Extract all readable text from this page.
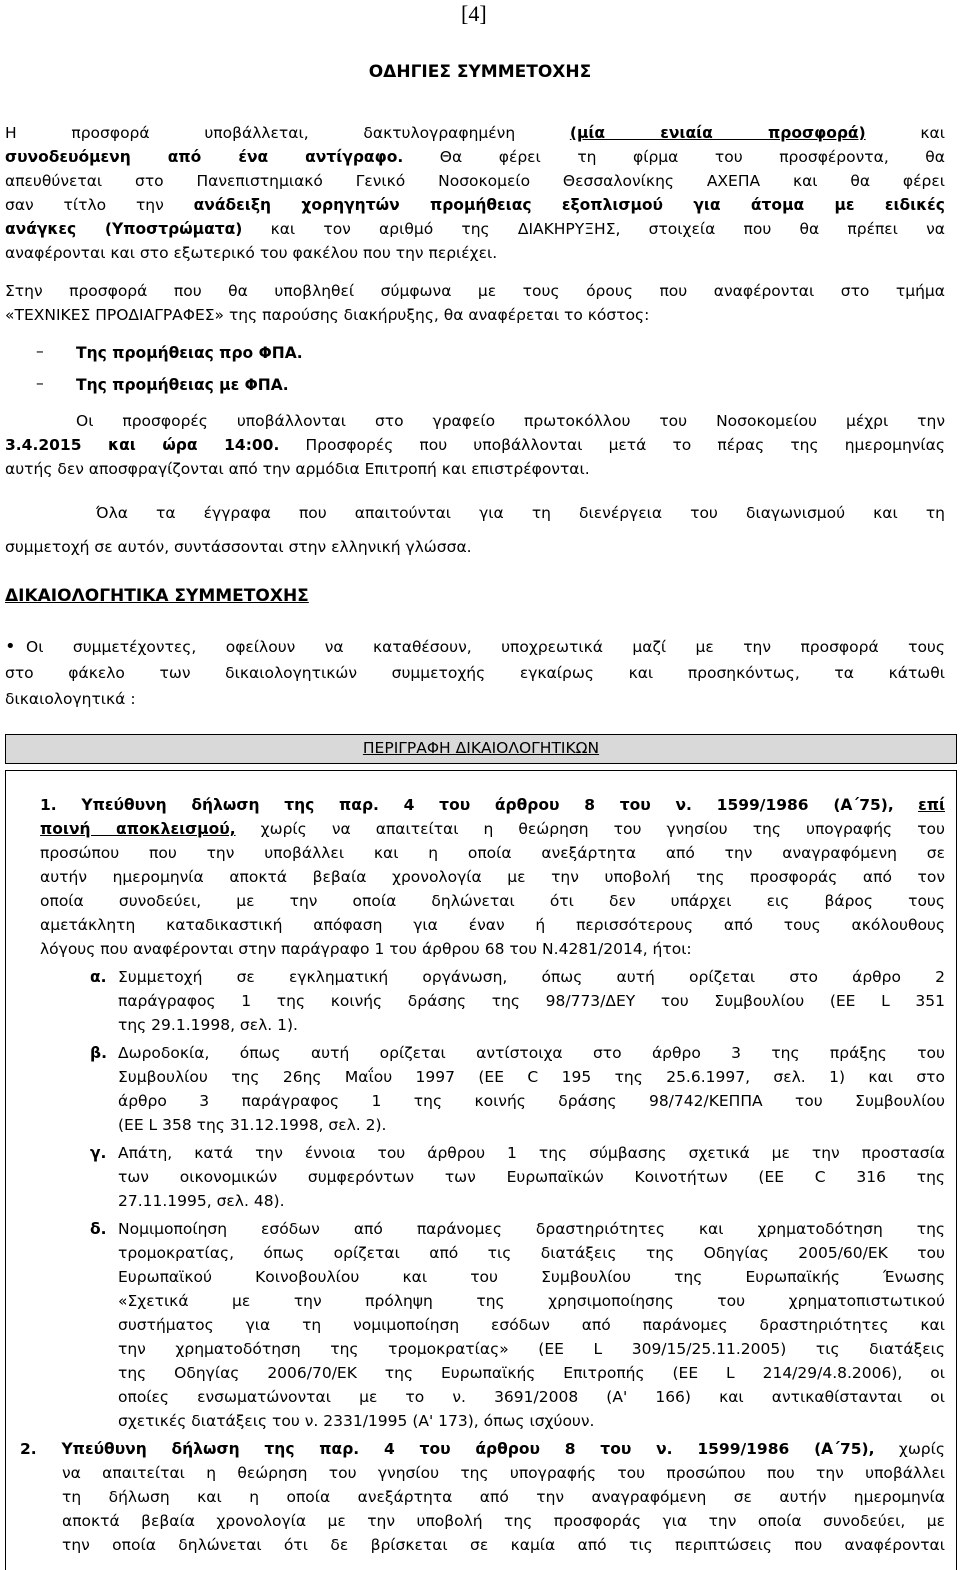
[4]
ΟΔΗΓΙΕΣ ΣΥΜΜΕΤΟΧΗΣ
Η προσφορά υποβάλλεται, δακτυλογραφημένη	(μία ενιαία προσφορά)	και
συνοδευόμενη από ένα αντίγραφο. Θα φέρει τη φίρμα του προσφέροντα, θα
απευθύνεται στο Πανεπιστημιακό Γενικό Νοσοκομείο Θεσσαλονίκης ΑΧΕΠΑ και θα φέρει
σαν τίτλο την ανάδειξη χορηγητών προμήθειας εξοπλισμού για άτομα με ειδικές
ανάγκες (Υποστρώματα) και τον αριθμό της ΔΙΑΚΗΡΥΞΗΣ, στοιχεία που θα πρέπει να
αναφέρονται και στο εξωτερικό του φακέλου που την περιέχει.
Στην προσφορά που θα υποβληθεί σύμφωνα με τους όρους που αναφέρονται στο τμήμα
«ΤΕΧΝΙΚΕΣ ΠΡΟΔΙΑΓΡΑΦΕΣ» της παρούσης διακήρυξης, θα αναφέρεται το κόστος:
– Της προμήθειας προ ΦΠΑ.
– Της προμήθειας με ΦΠΑ.
Οι προσφορές υποβάλλονται στο γραφείο πρωτοκόλλου του Νοσοκομείου μέχρι την
3.4.2015 και ώρα 14:00. Προσφορές που υποβάλλονται μετά το πέρας της ημερομηνίας
αυτής δεν αποσφραγίζονται από την αρμόδια Επιτροπή και επιστρέφονται.
Όλα τα έγγραφα που απαιτούνται για τη διενέργεια του διαγωνισμού και τη
συμμετοχή σε αυτόν, συντάσσονται στην ελληνική γλώσσα.
ΔΙΚΑΙΟΛΟΓΗΤΙΚΑ ΣΥΜΜΕΤΟΧΗΣ
• Οι συμμετέχοντες, οφείλουν να καταθέσουν, υποχρεωτικά μαζί με την προσφορά τους
στο φάκελο των δικαιολογητικών συμμετοχής εγκαίρως και προσηκόντως, τα κάτωθι
δικαιολογητικά :
ΠΕΡΙΓΡΑΦΗ ΔΙΚΑΙΟΛΟΓΗΤΙΚΩΝ
1. Υπεύθυνη δήλωση της παρ. 4 του άρθρου 8 του ν. 1599/1986 (Α΄75), επί
ποινή αποκλεισμού, χωρίς να απαιτείται η θεώρηση του γνησίου της υπογραφής του
προσώπου που την υποβάλλει και η οποία ανεξάρτητα από την αναγραφόμενη σε
αυτήν ημερομηνία αποκτά βεβαία χρονολογία με την υποβολή της προσφοράς από τον
οποία συνοδεύει, με την οποία δηλώνεται ότι δεν υπάρχει εις βάρος τους
αμετάκλητη καταδικαστική απόφαση για έναν ή περισσότερους από τους ακόλουθους
λόγους που αναφέρονται στην παράγραφο 1 του άρθρου 68 του Ν.4281/2014, ήτοι:
α. Συμμετοχή σε εγκληματική οργάνωση, όπως αυτή ορίζεται στο άρθρο 2
παράγραφος 1 της κοινής δράσης της 98/773/ΔΕΥ του Συμβουλίου (ΕΕ L 351
της 29.1.1998, σελ. 1).
β. Δωροδοκία, όπως αυτή ορίζεται αντίστοιχα στο άρθρο 3 της πράξης του
Συμβουλίου της 26ης Μαΐου 1997 (ΕΕ C 195 της 25.6.1997, σελ. 1) και στο
άρθρο 3 παράγραφος 1 της κοινής δράσης 98/742/ΚΕΠΠΑ του Συμβουλίου
(ΕΕ L 358 της 31.12.1998, σελ. 2).
γ. Απάτη, κατά την έννοια του άρθρου 1 της σύμβασης σχετικά με την προστασία
των οικονομικών συμφερόντων των Ευρωπαϊκών Κοινοτήτων (ΕΕ C 316 της
27.11.1995, σελ. 48).
δ. Νομιμοποίηση εσόδων από παράνομες δραστηριότητες και χρηματοδότηση της
τρομοκρατίας, όπως ορίζεται από τις διατάξεις της Οδηγίας 2005/60/ΕΚ του
Ευρωπαϊκού Κοινοβουλίου και του Συμβουλίου της Ευρωπαϊκής Ένωσης
«Σχετικά με την πρόληψη της χρησιμοποίησης του χρηματοπιστωτικού
συστήματος για τη νομιμοποίηση εσόδων από παράνομες δραστηριότητες και
την χρηματοδότηση της τρομοκρατίας» (ΕΕ L 309/15/25.11.2005) τις διατάξεις
της Οδηγίας 2006/70/ΕΚ της Ευρωπαϊκής Επιτροπής (ΕΕ L 214/29/4.8.2006), οι
οποίες ενσωματώνονται με το ν. 3691/2008 (Α' 166) και αντικαθίστανται οι
σχετικές διατάξεις του ν. 2331/1995 (Α' 173), όπως ισχύουν.
2. Υπεύθυνη δήλωση της παρ. 4 του άρθρου 8 του ν. 1599/1986 (Α΄75), χωρίς
να απαιτείται η θεώρηση του γνησίου της υπογραφής του προσώπου που την υποβάλλει
τη δήλωση και η οποία ανεξάρτητα από την αναγραφόμενη σε αυτήν ημερομηνία
αποκτά βεβαία χρονολογία με την υποβολή της προσφοράς για την οποία συνοδεύει, με
την οποία δηλώνεται ότι δε βρίσκεται σε καμία από τις περιπτώσεις που αναφέρονται
